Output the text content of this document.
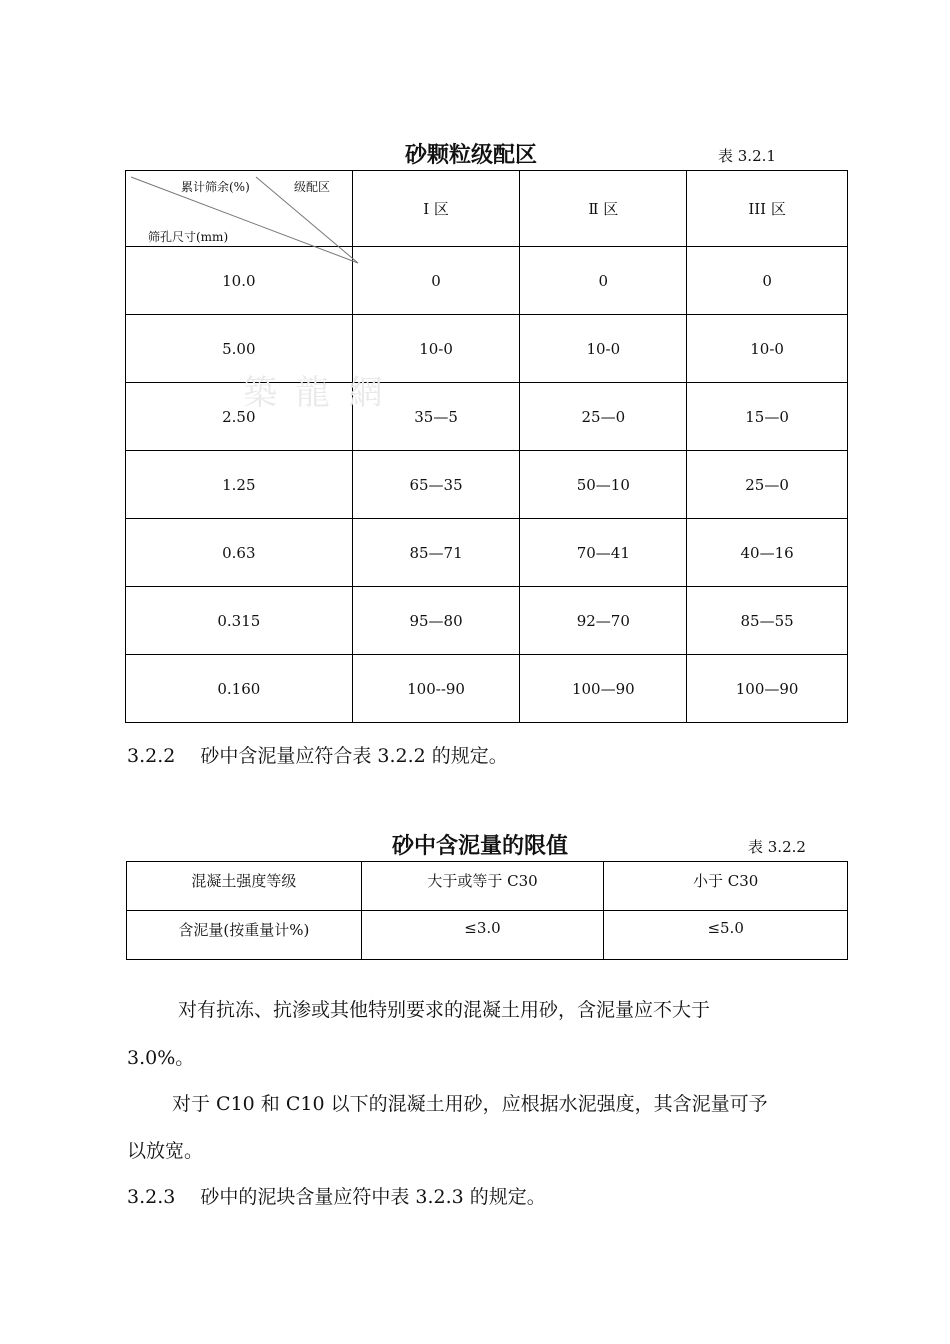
砂颗粒级配区	表 3.2.1
累计筛余(%) 级配区
筛孔尺寸(mm)	Ⅰ 区	Ⅱ 区	III 区
10.0	0	0	0
5.00	10-0	10-0	10-0
2.50	35—5	25—0	15—0
1.25	65—35	50—10	25—0
0.63	85—71	70—41	40—16
0.315	95—80	92—70	85—55
0.160	100--90	100—90	100—90
築 龍 網
3.2.2　 砂中含泥量应符合表 3.2.2 的规定。
砂中含泥量的限值	表 3.2.2
混凝土强度等级	大于或等于 C30	小于 C30
含泥量(按重量计%)	≤3.0	≤5.0
对有抗冻、抗渗或其他特别要求的混凝土用砂，含泥量应不大于
3.0%。
对于 C10 和 C10 以下的混凝土用砂，应根据水泥强度，其含泥量可予
以放宽。
3.2.3　 砂中的泥块含量应符中表 3.2.3 的规定。
